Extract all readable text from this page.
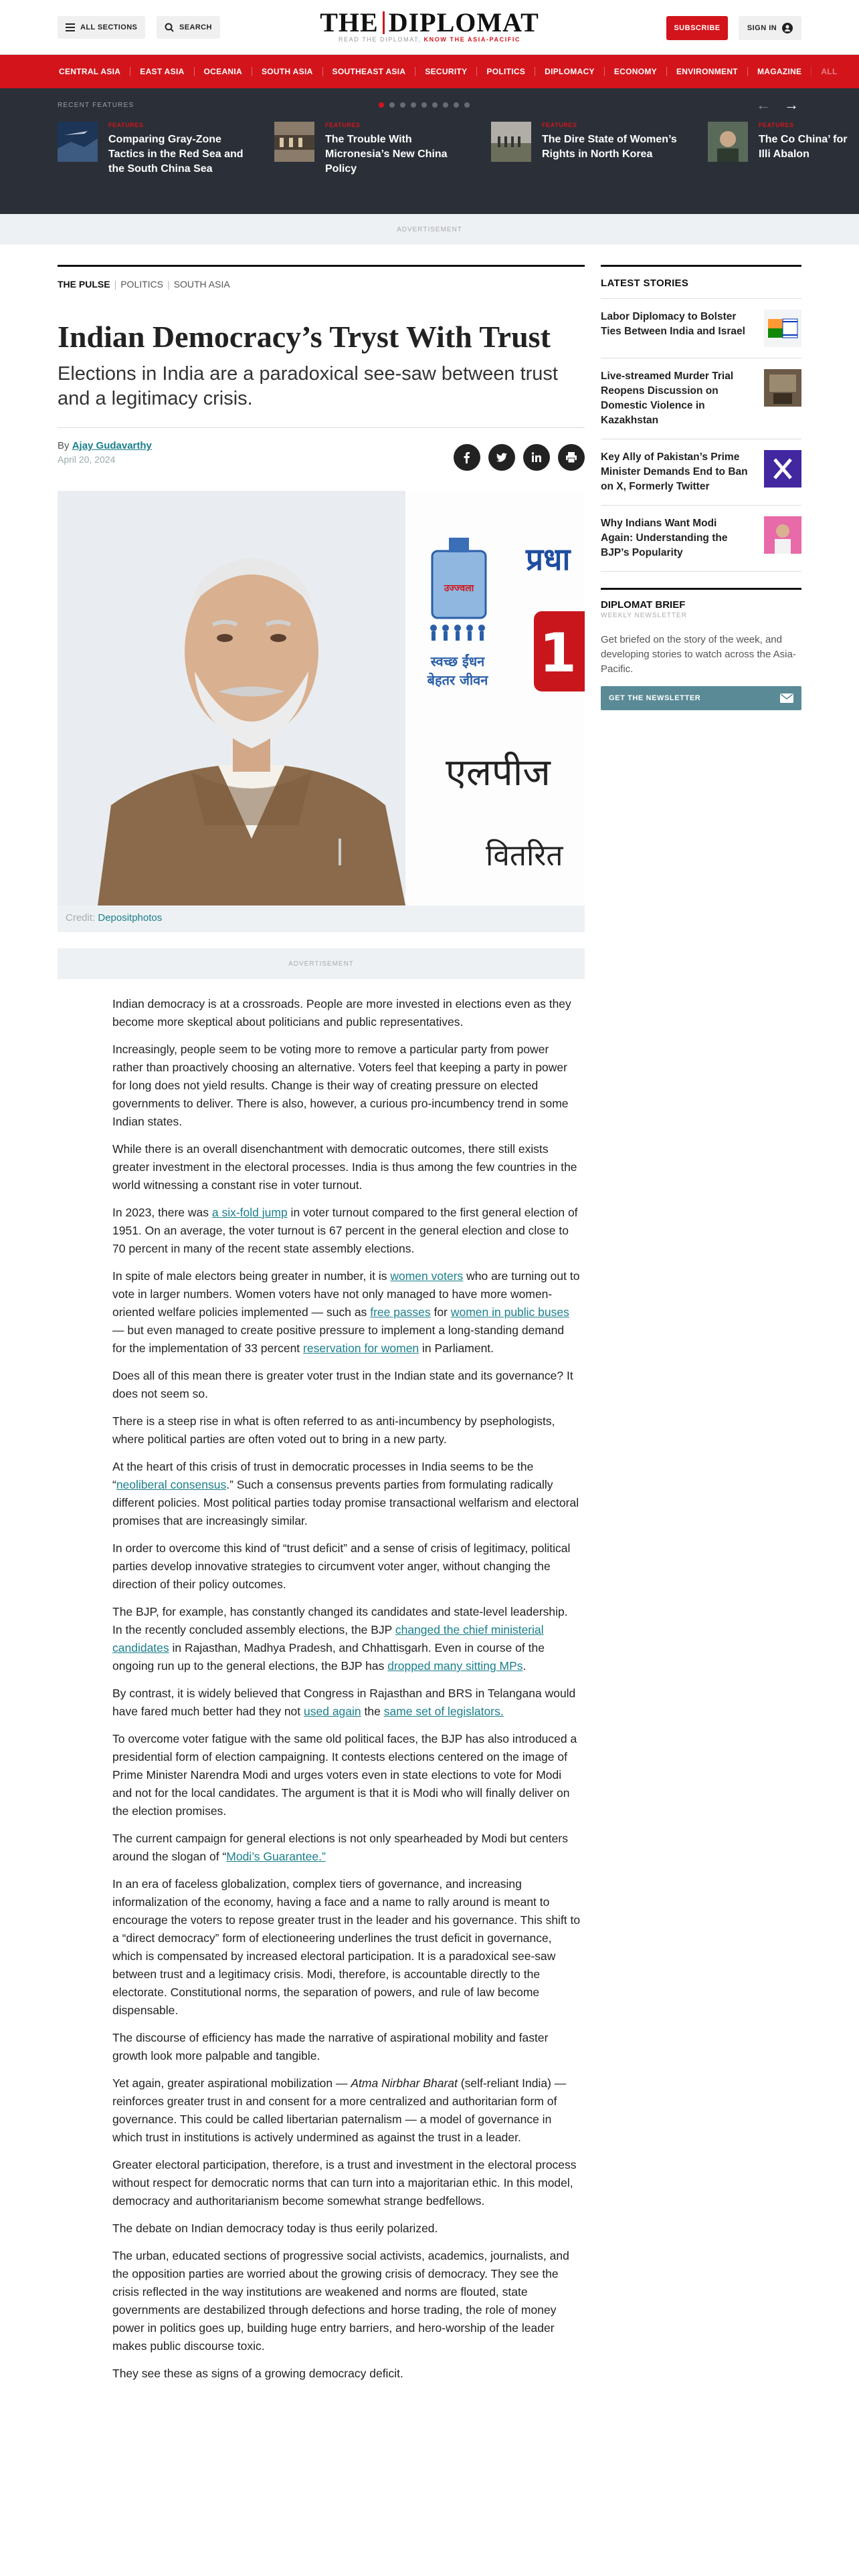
ALL SECTIONS	SEARCH	THE DIPLOMAT
READ THE DIPLOMAT, KNOW THE ASIA-PACIFIC
SUBSCRIBE	SIGN IN
CENTRAL ASIA	EAST ASIA	OCEANIA	SOUTH ASIA	SOUTHEAST ASIA	SECURITY	POLITICS	DIPLOMACY	ECONOMY	ENVIRONMENT	MAGAZINE	ALL
RECENT FEATURES	← →
FEATURES
Comparing Gray-Zone Tactics in the Red Sea and the South China Sea
FEATURES
The Trouble With Micronesia’s New China Policy
FEATURES
The Dire State of Women’s Rights in North Korea
FEATURES
The Co China’ for Illi Abalon
ADVERTISEMENT
THE PULSE | POLITICS | SOUTH ASIA
Indian Democracy’s Tryst With Trust
Elections in India are a paradoxical see-saw between trust and a legitimacy crisis.
By Ajay Gudavarthy
April 20, 2024
उज्ज्वला
स्वच्छ ईंधन
बेहतर जीवन
प्रधा
1
एलपीज
वितरित
Credit: Depositphotos
ADVERTISEMENT

Indian democracy is at a crossroads. People are more invested in elections even as they become more skeptical about politicians and public representatives.

Increasingly, people seem to be voting more to remove a particular party from power rather than proactively choosing an alternative. Voters feel that keeping a party in power for long does not yield results. Change is their way of creating pressure on elected governments to deliver. There is also, however, a curious pro-incumbency trend in some Indian states.

While there is an overall disenchantment with democratic outcomes, there still exists greater investment in the electoral processes. India is thus among the few countries in the world witnessing a constant rise in voter turnout.

In 2023, there was a six-fold jump in voter turnout compared to the first general election of 1951. On an average, the voter turnout is 67 percent in the general election and close to 70 percent in many of the recent state assembly elections.

In spite of male electors being greater in number, it is women voters who are turning out to vote in larger numbers. Women voters have not only managed to have more women-oriented welfare policies implemented — such as free passes for women in public buses — but even managed to create positive pressure to implement a long-standing demand for the implementation of 33 percent reservation for women in Parliament.

Does all of this mean there is greater voter trust in the Indian state and its governance? It does not seem so.

There is a steep rise in what is often referred to as anti-incumbency by psephologists, where political parties are often voted out to bring in a new party.

At the heart of this crisis of trust in democratic processes in India seems to be the “neoliberal consensus.” Such a consensus prevents parties from formulating radically different policies. Most political parties today promise transactional welfarism and electoral promises that are increasingly similar.

In order to overcome this kind of “trust deficit” and a sense of crisis of legitimacy, political parties develop innovative strategies to circumvent voter anger, without changing the direction of their policy outcomes.

The BJP, for example, has constantly changed its candidates and state-level leadership. In the recently concluded assembly elections, the BJP changed the chief ministerial candidates in Rajasthan, Madhya Pradesh, and Chhattisgarh. Even in course of the ongoing run up to the general elections, the BJP has dropped many sitting MPs.

By contrast, it is widely believed that Congress in Rajasthan and BRS in Telangana would have fared much better had they not used again the same set of legislators.

To overcome voter fatigue with the same old political faces, the BJP has also introduced a presidential form of election campaigning. It contests elections centered on the image of Prime Minister Narendra Modi and urges voters even in state elections to vote for Modi and not for the local candidates. The argument is that it is Modi who will finally deliver on the election promises.

The current campaign for general elections is not only spearheaded by Modi but centers around the slogan of “Modi’s Guarantee.”

In an era of faceless globalization, complex tiers of governance, and increasing informalization of the economy, having a face and a name to rally around is meant to encourage the voters to repose greater trust in the leader and his governance. This shift to a “direct democracy” form of electioneering underlines the trust deficit in governance, which is compensated by increased electoral participation. It is a paradoxical see-saw between trust and a legitimacy crisis. Modi, therefore, is accountable directly to the electorate. Constitutional norms, the separation of powers, and rule of law become dispensable.

The discourse of efficiency has made the narrative of aspirational mobility and faster growth look more palpable and tangible.

Yet again, greater aspirational mobilization — Atma Nirbhar Bharat (self-reliant India) — reinforces greater trust in and consent for a more centralized and authoritarian form of governance. This could be called libertarian paternalism — a model of governance in which trust in institutions is actively undermined as against the trust in a leader.

Greater electoral participation, therefore, is a trust and investment in the electoral process without respect for democratic norms that can turn into a majoritarian ethic. In this model, democracy and authoritarianism become somewhat strange bedfellows.

The debate on Indian democracy today is thus eerily polarized.

The urban, educated sections of progressive social activists, academics, journalists, and the opposition parties are worried about the growing crisis of democracy. They see the crisis reflected in the way institutions are weakened and norms are flouted, state governments are destabilized through defections and horse trading, the role of money power in politics goes up, building huge entry barriers, and hero-worship of the leader makes public discourse toxic.

They see these as signs of a growing democracy deficit.

LATEST STORIES
Labor Diplomacy to Bolster Ties Between India and Israel
Live-streamed Murder Trial Reopens Discussion on Domestic Violence in Kazakhstan
Key Ally of Pakistan’s Prime Minister Demands End to Ban on X, Formerly Twitter
Why Indians Want Modi Again: Understanding the BJP’s Popularity
DIPLOMAT BRIEF
WEEKLY NEWSLETTER
Get briefed on the story of the week, and developing stories to watch across the Asia-Pacific.
GET THE NEWSLETTER
